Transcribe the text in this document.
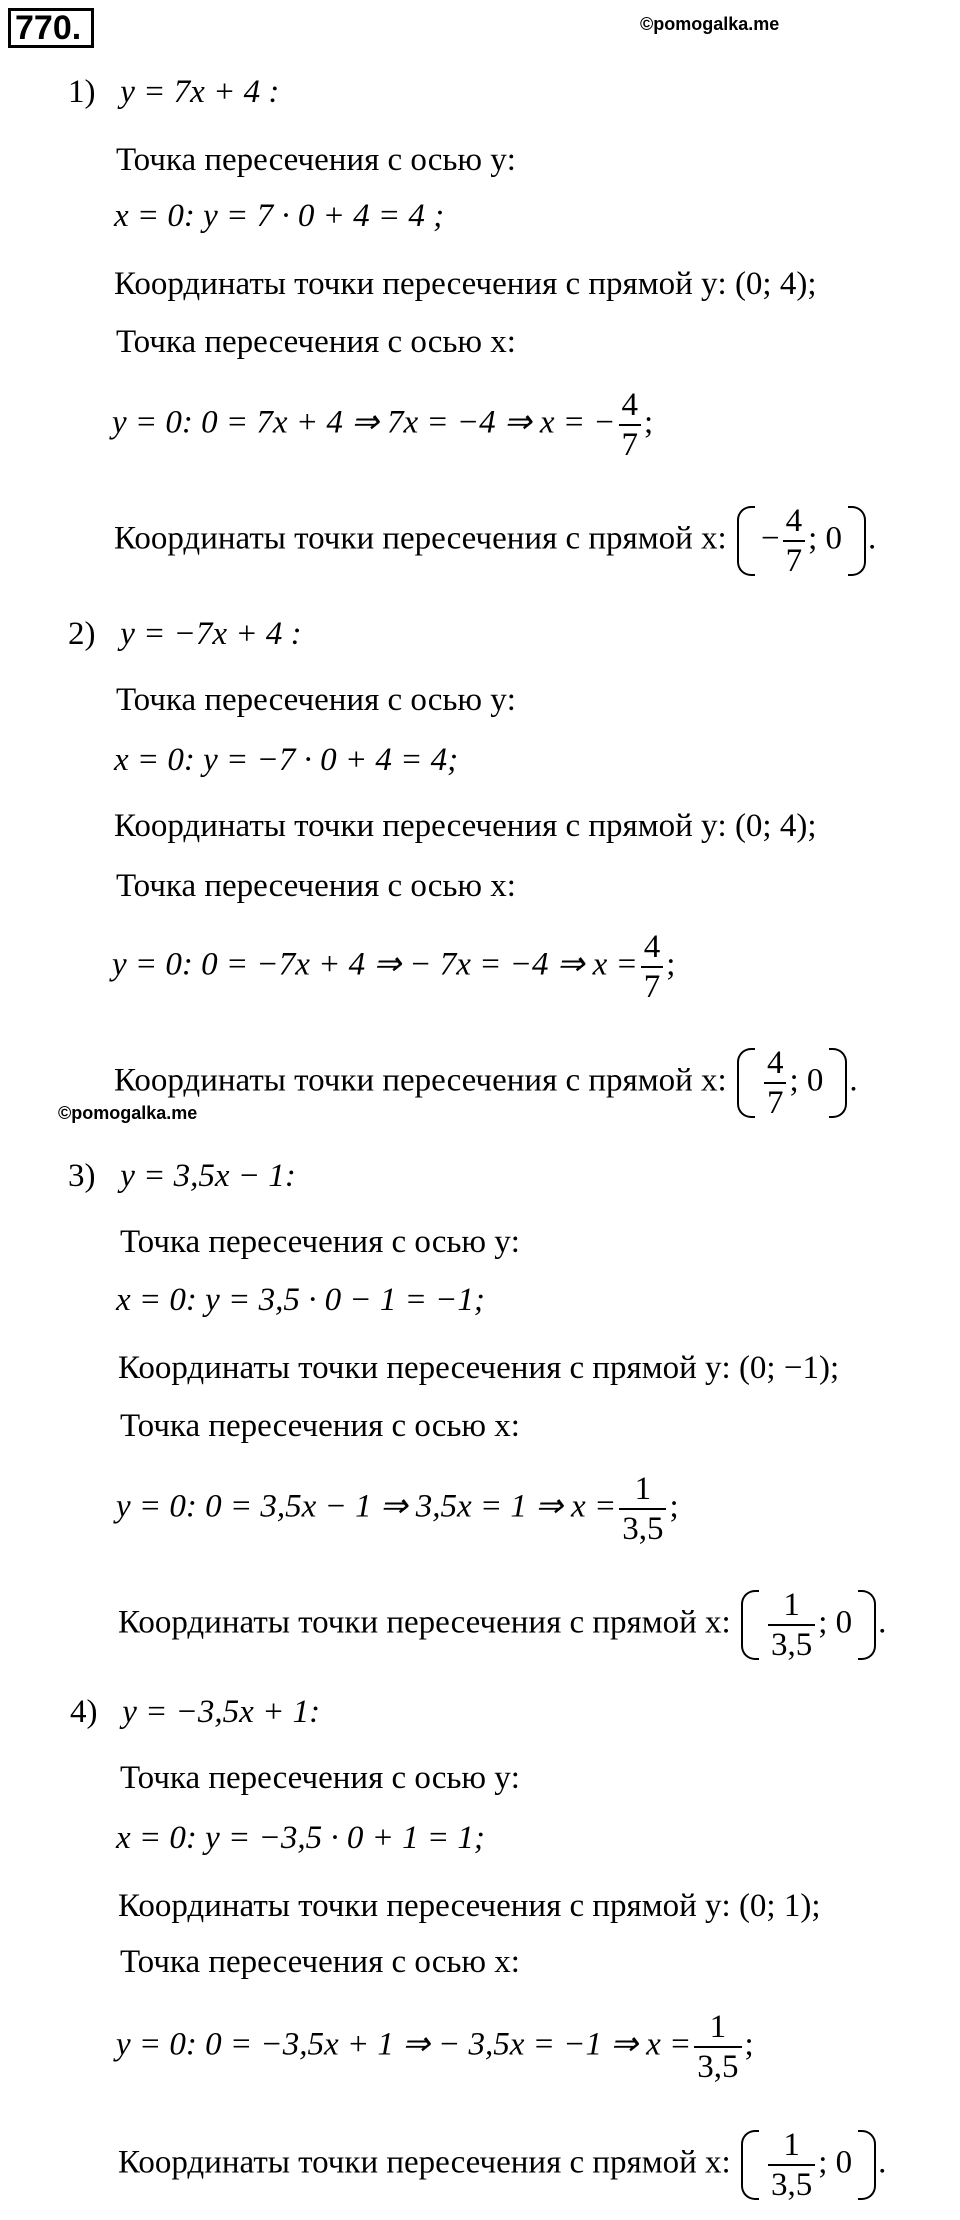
770.	©pomogalka.me
©pomogalka.me
1) y = 7x + 4 :
Точка пересечения с осью y:
x = 0: y = 7 · 0 + 4 = 4 ;
Координаты точки пересечения с прямой y: (0; 4);
Точка пересечения с осью x:
y = 0: 0 = 7x + 4 ⇒ 7x = −4 ⇒ x = − $\frac{4}{7}$ ;
Координаты точки пересечения с прямой x: − $\frac{4}{7}$ ; 0 .
2) y = −7x + 4 :
Точка пересечения с осью y:
x = 0: y = −7 · 0 + 4 = 4;
Координаты точки пересечения с прямой y: (0; 4);
Точка пересечения с осью x:
y = 0: 0 = −7x + 4 ⇒ − 7x = −4 ⇒ $x = \frac{4}{7}$ ;
Координаты точки пересечения с прямой x: $\frac{4}{7}$ ; 0 .
3) y = 3,5x − 1:
Точка пересечения с осью y:
x = 0: y = 3,5 · 0 − 1 = −1;
Координаты точки пересечения с прямой y: (0; −1);
Точка пересечения с осью x:
y = 0: 0 = 3,5x − 1 ⇒ 3,5x = 1 ⇒ $x = \frac{1}{3,5}$ ;
Координаты точки пересечения с прямой x: $\frac{1}{3,5}$ ; 0 .
4) y = −3,5x + 1:
Точка пересечения с осью y:
x = 0: y = −3,5 · 0 + 1 = 1;
Координаты точки пересечения с прямой y: (0; 1);
Точка пересечения с осью x:
y = 0: 0 = −3,5x + 1 ⇒ − 3,5x = −1 ⇒ $x = \frac{1}{3,5}$ ;
Координаты точки пересечения с прямой x: $\frac{1}{3,5}$ ; 0 .
